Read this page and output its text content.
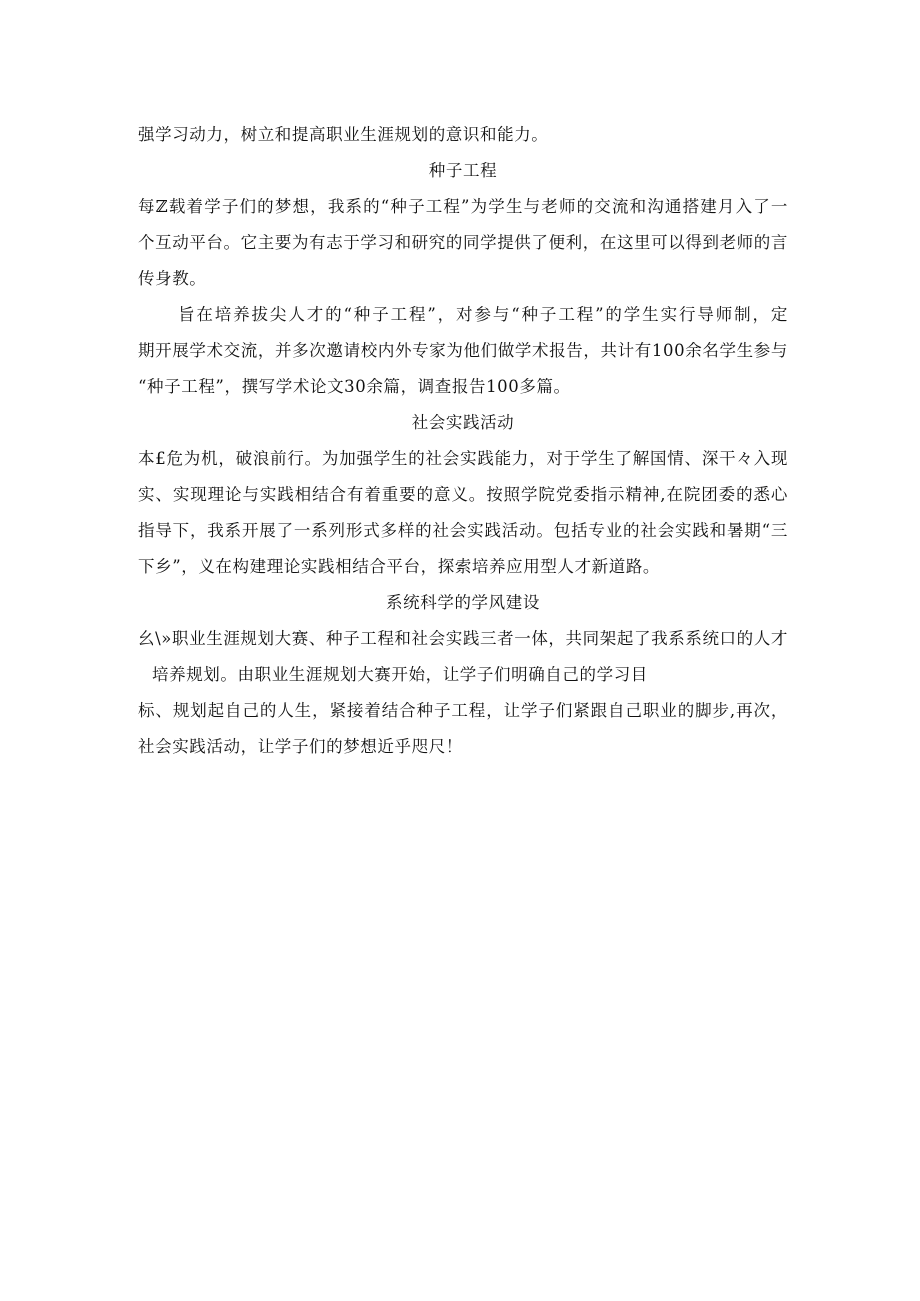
强学习动力，树立和提高职业生涯规划的意识和能力。
种子工程
每ℤ载着学子们的梦想，我系的“种子工程”为学生与老师的交流和沟通搭建月入了一
个互动平台。它主要为有志于学习和研究的同学提供了便利，在这里可以得到老师的言
传身教。
旨在培养拔尖人才的“种子工程”，对参与“种子工程”的学生实行导师制，定
期开展学术交流，并多次邀请校内外专家为他们做学术报告，共计有100余名学生参与
“种子工程”，撰写学术论文30余篇，调查报告100多篇。
社会实践活动
本£危为机，破浪前行。为加强学生的社会实践能力，对于学生了解国情、深干々入现
实、实现理论与实践相结合有着重要的意义。按照学院党委指示精神,在院团委的悉心
指导下，我系开展了一系列形式多样的社会实践活动。包括专业的社会实践和暑期“三
下乡”，义在构建理论实践相结合平台，探索培养应用型人才新道路。
系统科学的学风建设
幺\»职业生涯规划大赛、种子工程和社会实践三者一体，共同架起了我系系统口的人才
培养规划。由职业生涯规划大赛开始，让学子们明确自己的学习目
标、规划起自己的人生，紧接着结合种子工程，让学子们紧跟自己职业的脚步,再次，
社会实践活动，让学子们的梦想近乎咫尺！
